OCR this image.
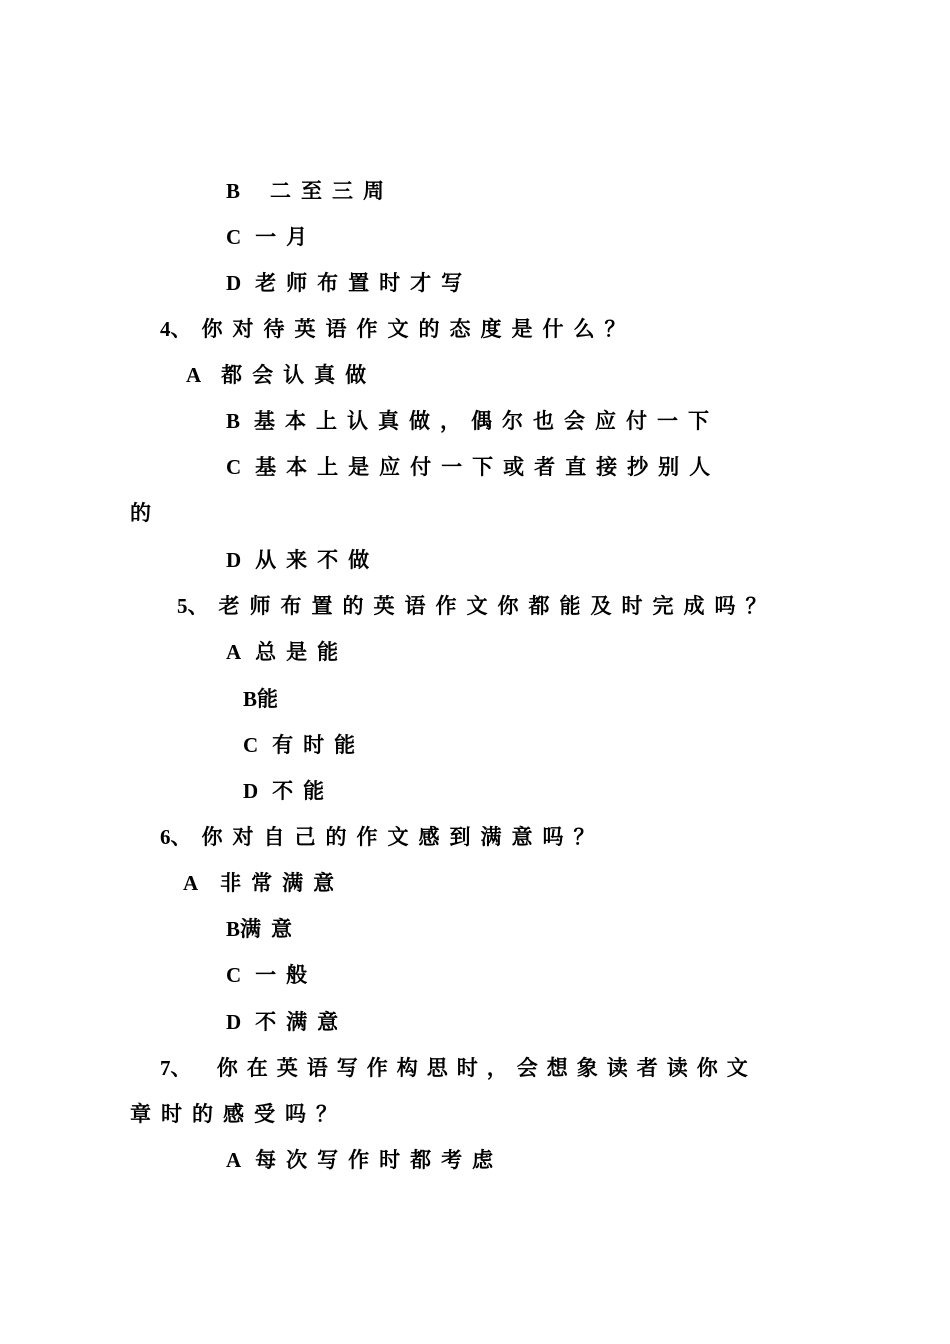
B 二至三周
C 一月
D 老师布置时才写
4、你对待英语作文的态度是什么？
A 都会认真做
B 基本上认真做，偶尔也会应付一下
C 基本上是应付一下或者直接抄别人
的
D 从来不做
5、老师布置的英语作文你都能及时完成吗？
A 总是能
B能
C 有时能
D 不能
6、你对自己的作文感到满意吗？
A 非常满意
B满意
C 一般
D 不满意
7、 你在英语写作构思时，会想象读者读你文
章时的感受吗？
A 每次写作时都考虑
